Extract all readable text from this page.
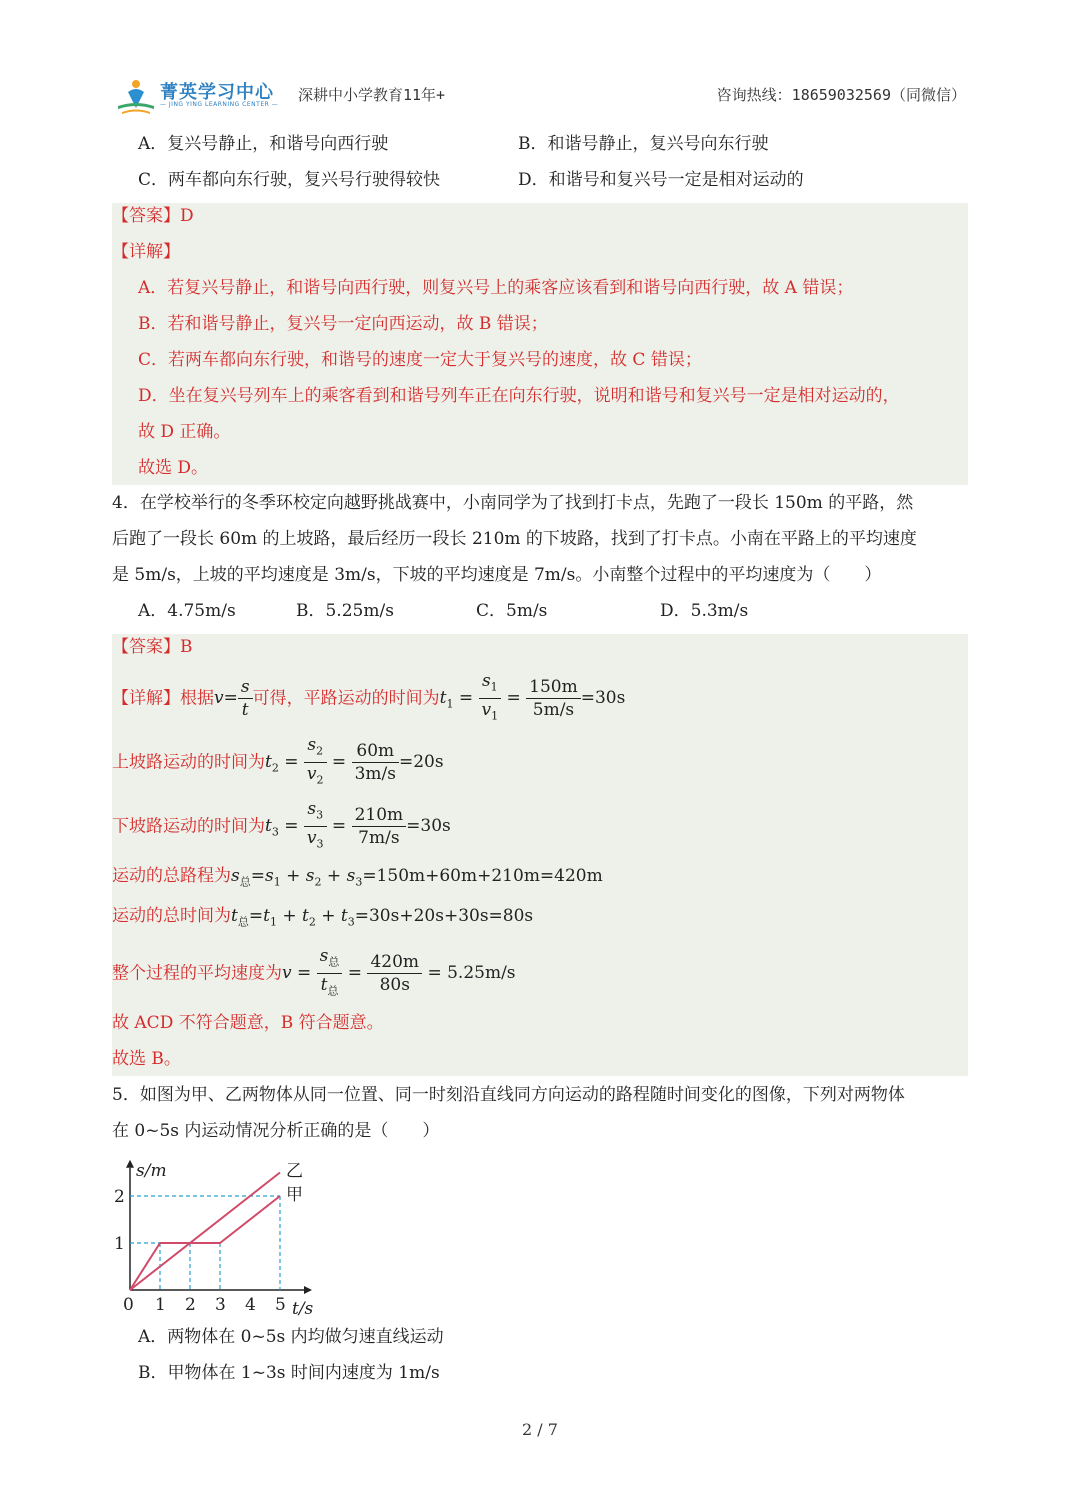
菁英学习中心
— JING YING LEARNING CENTER —
深耕中小学教育11年+	咨询热线：18659032569（同微信）
A．复兴号静止，和谐号向西行驶	B．和谐号静止，复兴号向东行驶
C．两车都向东行驶，复兴号行驶得较快	D．和谐号和复兴号一定是相对运动的
【答案】D
【详解】
A．若复兴号静止，和谐号向西行驶，则复兴号上的乘客应该看到和谐号向西行驶，故 A 错误；
B．若和谐号静止，复兴号一定向西运动，故 B 错误；
C．若两车都向东行驶，和谐号的速度一定大于复兴号的速度，故 C 错误；
D．坐在复兴号列车上的乘客看到和谐号列车正在向东行驶，说明和谐号和复兴号一定是相对运动的，
故 D 正确。
故选 D。
4．在学校举行的冬季环校定向越野挑战赛中，小南同学为了找到打卡点，先跑了一段长 150m 的平路，然
后跑了一段长 60m 的上坡路，最后经历一段长 210m 的下坡路，找到了打卡点。小南在平路上的平均速度
是 5m/s，上坡的平均速度是 3m/s，下坡的平均速度是 7m/s。小南整个过程中的平均速度为（　　）
A．4.75m/s	B．5.25m/s	C．5m/s	D．5.3m/s
【答案】B
【详解】根据$v= \frac{s}{t}$ 可得，平路运动的时间为$t_1 = \frac{s_1}{v_1} = \frac{150m}{5m/s} =30s$
上坡路运动的时间为$t_2 = \frac{s_2}{v_2} = \frac{60m}{3m/s} =20s$
下坡路运动的时间为$t_3 = \frac{s_3}{v_3} = \frac{210m}{7m/s} =30s$
运动的总路程为$s_总=s_1 + s_2 + s_3=150m+60m+210m=420m$
运动的总时间为$t_总=t_1 + t_2 + t_3=30s+20s+30s=80s$
整个过程的平均速度为$v = \frac{s_总}{t_总} = \frac{420m}{80s} = 5.25m/s$
故 ACD 不符合题意，B 符合题意。
故选 B。
5．如图为甲、乙两物体从同一位置、同一时刻沿直线同方向运动的路程随时间变化的图像，下列对两物体
在 0~5s 内运动情况分析正确的是（　　）
s/m
t/s
0 1 2 3 4 5
1
2	甲
乙
A．两物体在 0~5s 内均做匀速直线运动
B．甲物体在 1~3s 时间内速度为 1m/s
2 / 7
